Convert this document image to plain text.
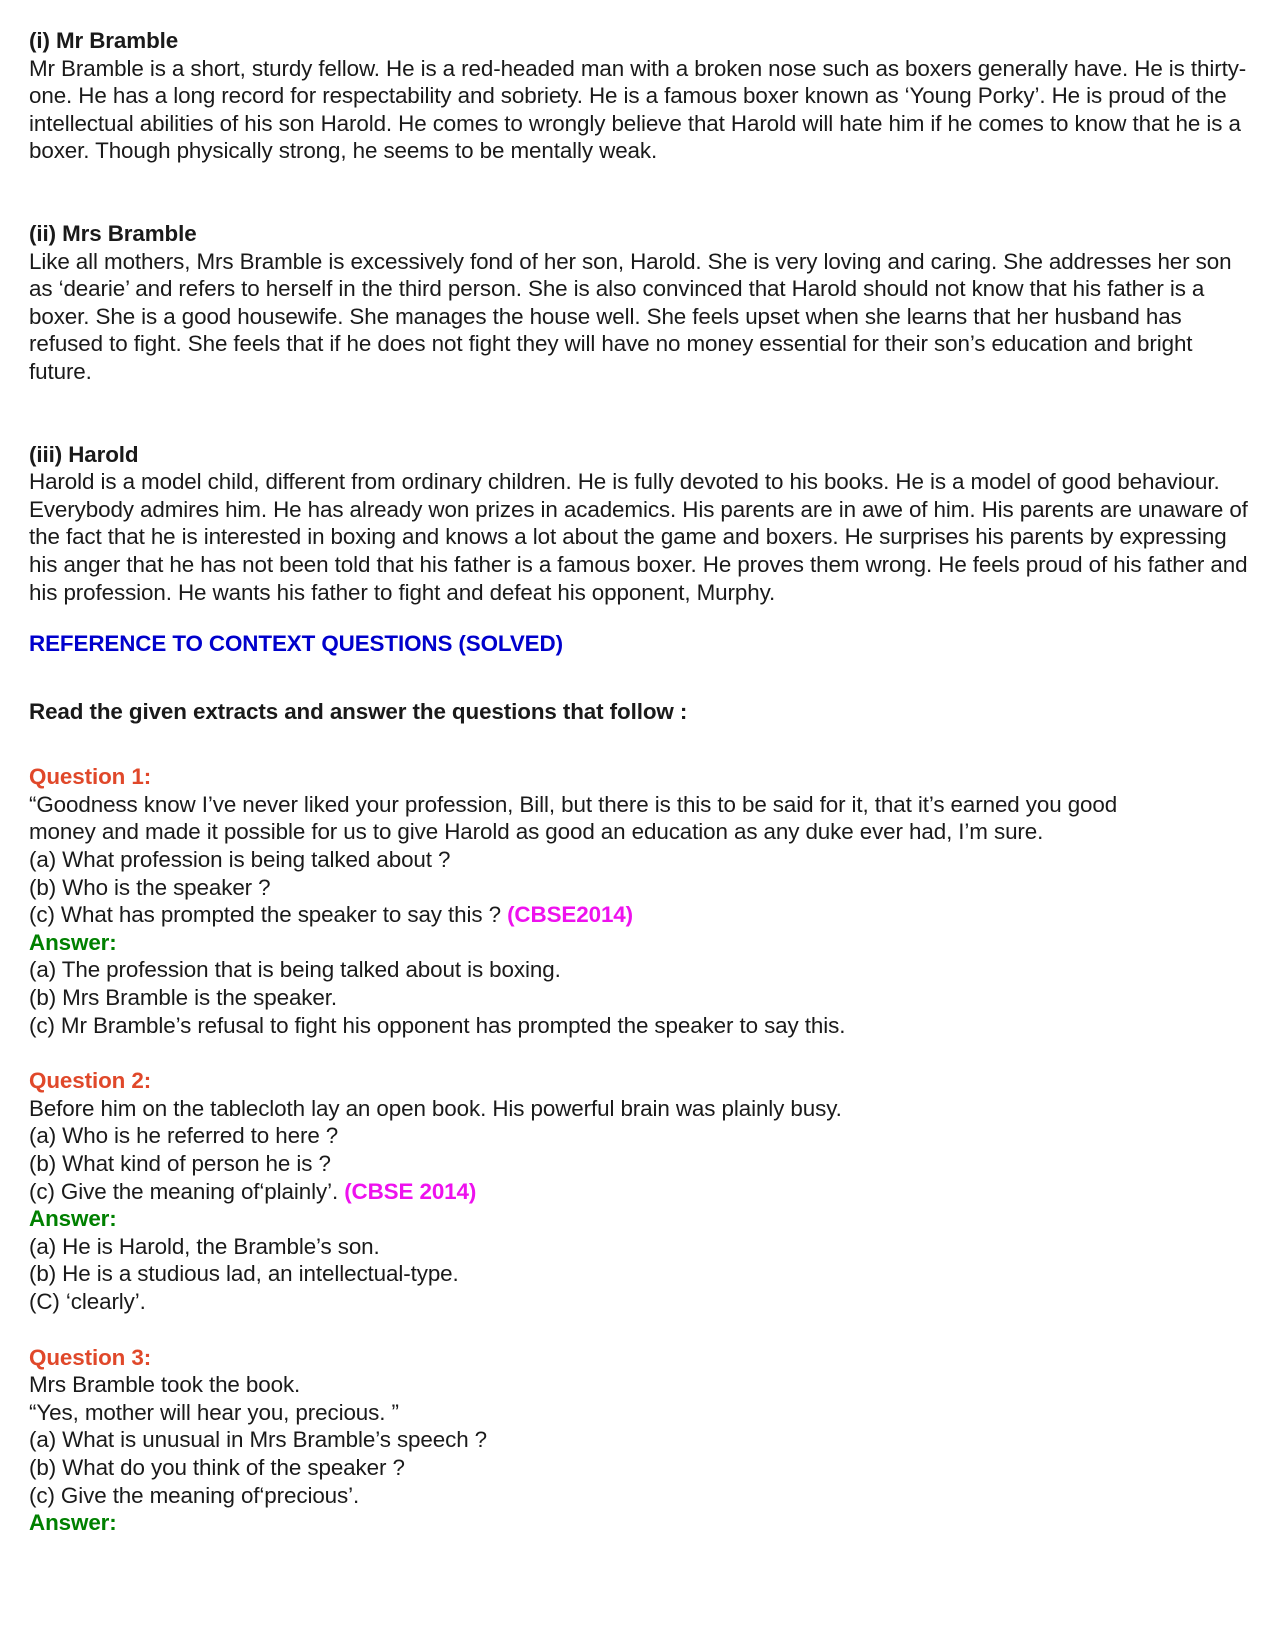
(i) Mr Bramble

Mr Bramble is a short, sturdy fellow. He is a red-headed man with a broken nose such as boxers generally have. He is thirty-one. He has a long record for respectability and sobriety. He is a famous boxer known as ‘Young Porky’. He is proud of the intellectual abilities of his son Harold. He comes to wrongly believe that Harold will hate him if he comes to know that he is a boxer. Though physically strong, he seems to be mentally weak.

(ii) Mrs Bramble

Like all mothers, Mrs Bramble is excessively fond of her son, Harold. She is very loving and caring. She addresses her son as ‘dearie’ and refers to herself in the third person. She is also convinced that Harold should not know that his father is a boxer. She is a good housewife. She manages the house well. She feels upset when she learns that her husband has refused to fight. She feels that if he does not fight they will have no money essential for their son’s education and bright future.

(iii) Harold

Harold is a model child, different from ordinary children. He is fully devoted to his books. He is a model of good behaviour. Everybody admires him. He has already won prizes in academics. His parents are in awe of him. His parents are unaware of the fact that he is interested in boxing and knows a lot about the game and boxers. He surprises his parents by expressing his anger that he has not been told that his father is a famous boxer. He proves them wrong. He feels proud of his father and his profession. He wants his father to fight and defeat his opponent, Murphy.

REFERENCE TO CONTEXT QUESTIONS (SOLVED)

Read the given extracts and answer the questions that follow :

Question 1:

“Goodness know I’ve never liked your profession, Bill, but there is this to be said for it, that it’s earned you good

money and made it possible for us to give Harold as good an education as any duke ever had, I’m sure.

(a) What profession is being talked about ?

(b) Who is the speaker ?

(c) What has prompted the speaker to say this ? (CBSE2014)

Answer:

(a) The profession that is being talked about is boxing.

(b) Mrs Bramble is the speaker.

(c) Mr Bramble’s refusal to fight his opponent has prompted the speaker to say this.

Question 2:

Before him on the tablecloth lay an open book. His powerful brain was plainly busy.

(a) Who is he referred to here ?

(b) What kind of person he is ?

(c) Give the meaning of‘plainly’. (CBSE 2014)

Answer:

(a) He is Harold, the Bramble’s son.

(b) He is a studious lad, an intellectual-type.

(C) ‘clearly’.

Question 3:

Mrs Bramble took the book.

“Yes, mother will hear you, precious. ”

(a) What is unusual in Mrs Bramble’s speech ?

(b) What do you think of the speaker ?

(c) Give the meaning of‘precious’.

Answer:
